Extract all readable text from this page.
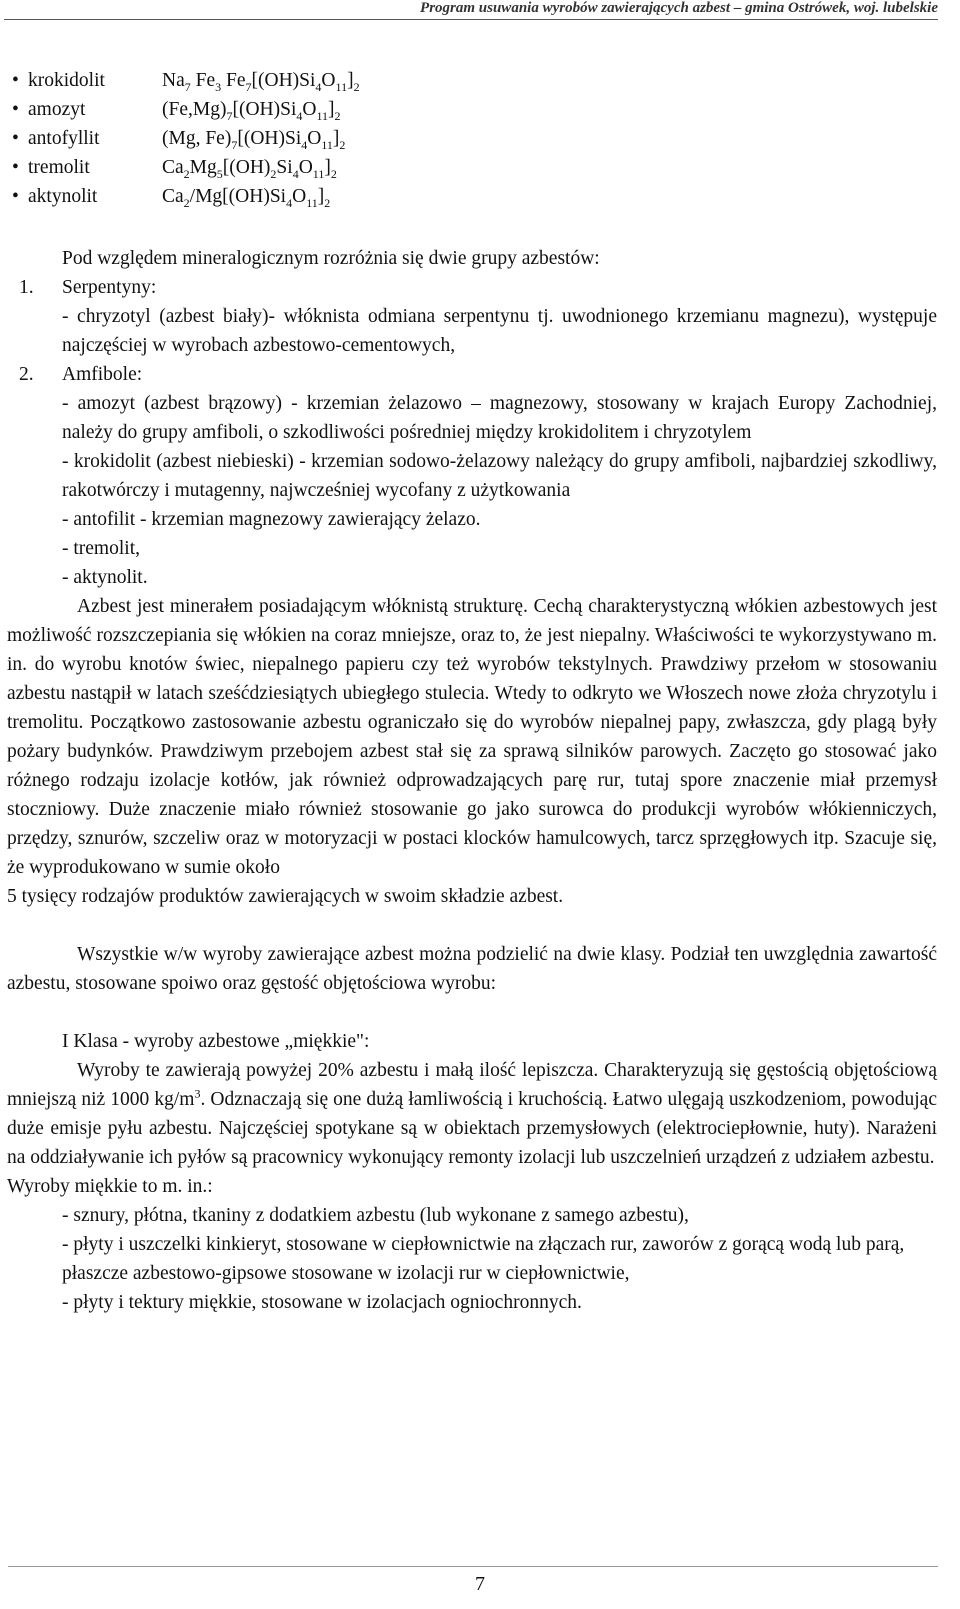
Program usuwania wyrobów zawierających azbest – gmina Ostrówek, woj. lubelskie
• krokidolit	$Na_7$ $Fe_3$ $Fe_7[(OH)Si_4O_{11}]_2$
• amozyt	$(Fe,Mg)_7[(OH)Si_4O_{11}]_2$
• antofyllit	(Mg, $Fe)_7[(OH)Si_4O_{11}]_2$
• tremolit	$Ca_2Mg_5[(OH)_2Si_4O_{11}]_2$
• aktynolit	$Ca_2/Mg[(OH)Si_4O_{11}]_2$
Pod względem mineralogicznym rozróżnia się dwie grupy azbestów:
1.	Serpentyny:
- chryzotyl (azbest biały)- włóknista odmiana serpentynu tj. uwodnionego krzemianu magnezu), występuje najczęściej w wyrobach azbestowo-cementowych,
2.	Amfibole:
- amozyt (azbest brązowy) - krzemian żelazowo – magnezowy, stosowany w krajach Europy Zachodniej, należy do grupy amfiboli, o szkodliwości pośredniej między krokidolitem i chryzotylem
- krokidolit (azbest niebieski) - krzemian sodowo-żelazowy należący do grupy amfiboli, najbardziej szkodliwy, rakotwórczy i mutagenny, najwcześniej wycofany z użytkowania
- antofilit - krzemian magnezowy zawierający żelazo.
- tremolit,
- aktynolit.
Azbest jest minerałem posiadającym włóknistą strukturę. Cechą charakterystyczną włókien azbestowych jest możliwość rozszczepiania się włókien na coraz mniejsze, oraz to, że jest niepalny. Właściwości te wykorzystywano m. in. do wyrobu knotów świec, niepalnego papieru czy też wyrobów tekstylnych. Prawdziwy przełom w stosowaniu azbestu nastąpił w latach sześćdziesiątych ubiegłego stulecia. Wtedy to odkryto we Włoszech nowe złoża chryzotylu i tremolitu. Początkowo zastosowanie azbestu ograniczało się do wyrobów niepalnej papy, zwłaszcza, gdy plagą były pożary budynków. Prawdziwym przebojem azbest stał się za sprawą silników parowych. Zaczęto go stosować jako różnego rodzaju izolacje kotłów, jak również odprowadzających parę rur, tutaj spore znaczenie miał przemysł stoczniowy. Duże znaczenie miało również stosowanie go jako surowca do produkcji wyrobów włókienniczych, przędzy, sznurów, szczeliw oraz w motoryzacji w postaci klocków hamulcowych, tarcz sprzęgłowych itp. Szacuje się, że wyprodukowano w sumie około
5 tysięcy rodzajów produktów zawierających w swoim składzie azbest.
Wszystkie w/w wyroby zawierające azbest można podzielić na dwie klasy. Podział ten uwzględnia zawartość azbestu, stosowane spoiwo oraz gęstość objętościowa wyrobu:
I Klasa - wyroby azbestowe „miękkie":
Wyroby te zawierają powyżej 20% azbestu i małą ilość lepiszcza. Charakteryzują się gęstością objętościową mniejszą niż 1000 $kg/m^3$. Odznaczają się one dużą łamliwością i kruchością. Łatwo ulęgają uszkodzeniom, powodując duże emisje pyłu azbestu. Najczęściej spotykane są w obiektach przemysłowych (elektrociepłownie, huty). Narażeni na oddziaływanie ich pyłów są pracownicy wykonujący remonty izolacji lub uszczelnień urządzeń z udziałem azbestu.
Wyroby miękkie to m. in.:
- sznury, płótna, tkaniny z dodatkiem azbestu (lub wykonane z samego azbestu),
- płyty i uszczelki kinkieryt, stosowane w ciepłownictwie na złączach rur, zaworów z gorącą wodą lub parą,
płaszcze azbestowo-gipsowe stosowane w izolacji rur w ciepłownictwie,
- płyty i tektury miękkie, stosowane w izolacjach ogniochronnych.
7
